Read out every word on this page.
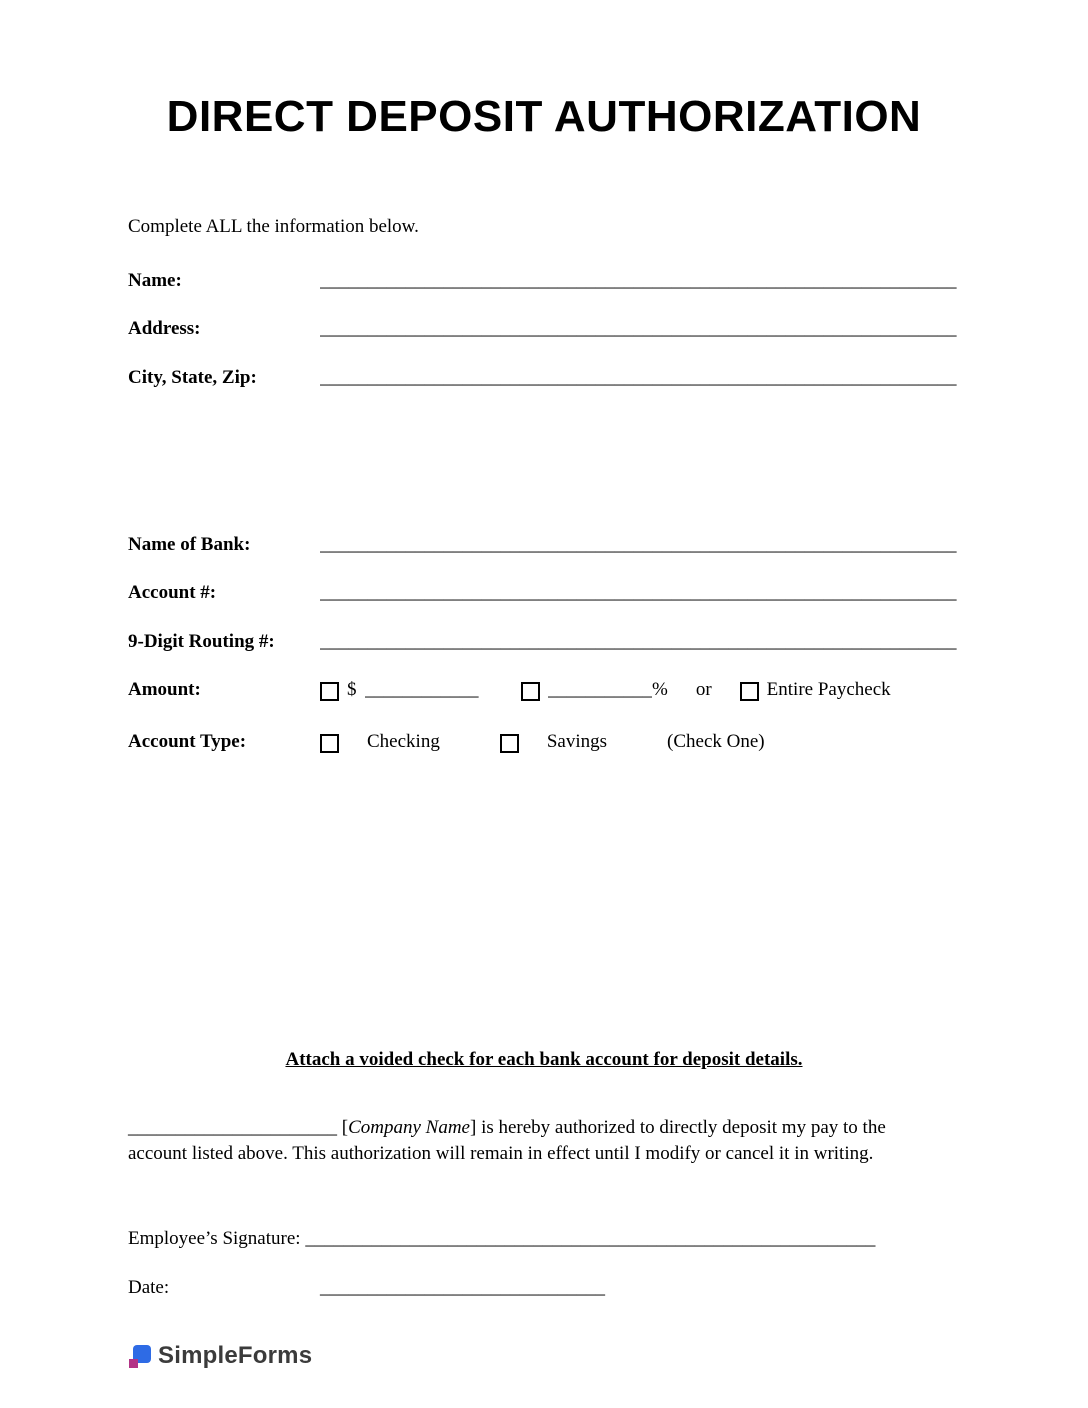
DIRECT DEPOSIT AUTHORIZATION

Complete ALL the information below.

Name:	___________________________________________________________________
Address:	___________________________________________________________________
City, State, Zip:	___________________________________________________________________
Name of Bank:	___________________________________________________________________
Account #:	___________________________________________________________________
9-Digit Routing #:	___________________________________________________________________
Amount:	$ ____________	___________ % or	Entire Paycheck
Account Type:	Checking	Savings	(Check One)
Attach a voided check for each bank account for deposit details.

______________________ [Company Name] is hereby authorized to directly deposit my pay to the account listed above. This authorization will remain in effect until I modify or cancel it in writing.

Employee’s Signature: ____________________________________________________________
Date:	______________________________
SimpleForms
